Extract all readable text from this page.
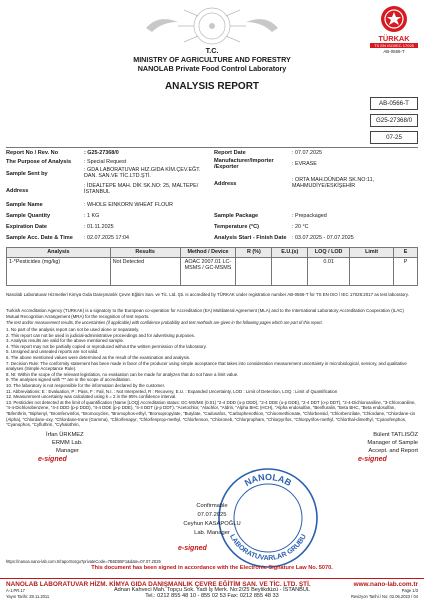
T.C.
MINISTRY OF AGRICULTURE AND FORESTRY
NANOLAB Private Food Control Laboratory
ANALYSIS REPORT
TÜRKAK
TS EN ISO/IEC 17025
AB-0566-T
AB-0566-T
G25-27368/0
07-25
Report No / Rev. No	: G25-27368/0
The Purpose of Analysis : Special Request
Sample Sent by
: GDA LABORATUVAR HIZ.GIDA KİM.ÇEV.EĞT. DAN. SAN.VE TİC.LTD.ŞTİ.
Address
: İDEALTEPE MAH. DİK SK.NO: 25, MALTEPE/İSTANBUL
Sample Name	: WHOLE EINKORN WHEAT FLOUR
Sample Quantity	: 1 KG
Expiration Date	: 01.11.2025
Sample Acc. Date & Time : 02.07.2025 17:04
Report Date	: 07.07.2025
Manufacturer/Importer /Exporter
: EVRASE
Address
: ORTA MAH.DÜNDAR SK.NO:11, MAHMUDİYE/ESKİŞEHİR
Sample Package	: Prepackaged
Temperature (°C)	: 20 °C
Analysis Start - Finish Date : 03.07.2025 - 07.07.2025
Analysis	Results	Method / Device	R (%)	E.U.(s)	LOQ / LOD	Limit	E
1-*Pesticides (mg/kg)	Not Detected	AOAC 2007.01 LC-MSMS / GC-MSMS			0.01		P
Nanolab Laboratuvar Hizmetleri Kimya Gıda Danışmanlık Çevre Eğitim San. ve Tic. Ltd. Şti. is accredited by TÜRKAK under registration number AB-0566-T for TS EN ISO / IEC 17025:2017 as test laboratory.
Turkish Accreditation Agency (TURKAK) is a signatory to the European co-operation for Accreditation (EA) Multilateral Agreement (MLA) and to the International Laboratory Accreditation Cooperation (ILAC) Mutual Recognition Arrangement (MRA) for the recognition of test reports.
The test and/or measurement results, the uncertainties (if applicable) with confidence probability and test methods are given in the following pages which are part of this report.
1. No part of the analysis report can not be used alone or separately.
2. This report can not be used in judicial-administrative proceedings and for advertising purposes.
3. Analysis results are valid for the above mentioned sample.
4. This report may not be partially copied or reproduced without the written permission of the laboratory.
5. Unsigned and unsealed reports are not valid.
6. The above mentioned values were determined as the result of the examination and analysis.
7. Decision Rule: The conformity statement has been made in favor of the producer using simple acceptance that takes into consideration measurement uncertainty in microbiological, sensory, and qualitative analyses (Simple Acceptance Rule).
8. NI: Within the scope of the relevant legislation, no evaluation can be made for analyzes that do not have a limit value.
9. The analyses signed with "*" are in the scope of accreditation.
10. The laboratory is not responsible for the information declared by the customer.
11. Abbreviations: E : Evaluation, P : Pass, F : Fail, N.I. : Not Interpreted, R : Recovery, E.U. : Expanded Uncertainty, LOD : Limit of Detection, LOQ : Limit of Quantification
12. Measurement uncertainty was calculated using k = 2 in the 95% confidence interval.
13. Pesticides not detected at the limit of quantification (Name [LOQ] Accreditation status: GC-MS/MS (0.01) "2-4 DDD (o-p DDD), "2-4 DDE (o-p DDE), "2-4 DDT (o-p DDT), "2-4-Dichloroaniline, "3-Chloroaniline, "4-4-Dichlorobenzene, "4-4 DDD (p-p DDD), "4-4 DDE (p-p DDE), "4-4 DDT (p-p DDT), "Acetochlor, "Alachlor, "Aldrin, "Alpha BHC (HCH), "Alpha endosulfan, "Benfluralin, "Beta BHC, "Beta endosulfan, "Bifenthrin, "Biphenyl, "Bromfenvinfos, "Bromocyclen, "Bromophos-ethyl, "Bromopropylate, "Butylate, "Cadusafos, "Carbophenothion, "Chinomethionate, "Chlorbensid, "Chlorbenzilate, "Chlordane, "Chlordane-cis (Alpha), "Chlordane-oxy, "Chlordane-trans (Gamma), "Chlorfenapyr, "Chlorfenprop-methyl, "Chlorfenson, "Chloroneb, "Chlorpropham, "Chlorpyrifos, "Chlorpyrifos-methyl, "Chlorthal-dimethyl, "Cyanofenphos, "Cyanophos, "Cyfluthrin, "Cyhalothrin,
İrfan ÜRKMEZ
ERMM Lab.
Manager
e-signed
Bülent TATLISÖZ
Manager of Sample
Accept. and Report
e-signed
NANOLAB
LABORATUVARLAR GRUBU
Confirmable
07.07.2025
Ceyhun KASAPOĞLU
Lab. Manager
e-signed
https://nanoa.nano-lab.com.tr/raporSorgu?privateCode=7B6D55F1&date=07.07.2025
This document has been signed in accordance with the Electronic Signature Law No. 5070.
NANOLAB LABORATUVAR HİZM. KİMYA GIDA DANIŞMANLIK ÇEVRE EĞİTİM SAN. VE TİC. LTD. ŞTİ.	www.nano-lab.com.tr
A-1.PR.17
Yayın Tarihi: 28.11.2011
Adnan Kahveci Mah. Topçu Sok. Yadi İş Merk. No:2/25 Beylikdüzü - İSTANBUL
Tel.: 0212 855 48 10 - 855 02 53 Fax: 0212 855 48 33
Page 1/3
Revizyon Tarihi / No: 02.06.2023 / 04
